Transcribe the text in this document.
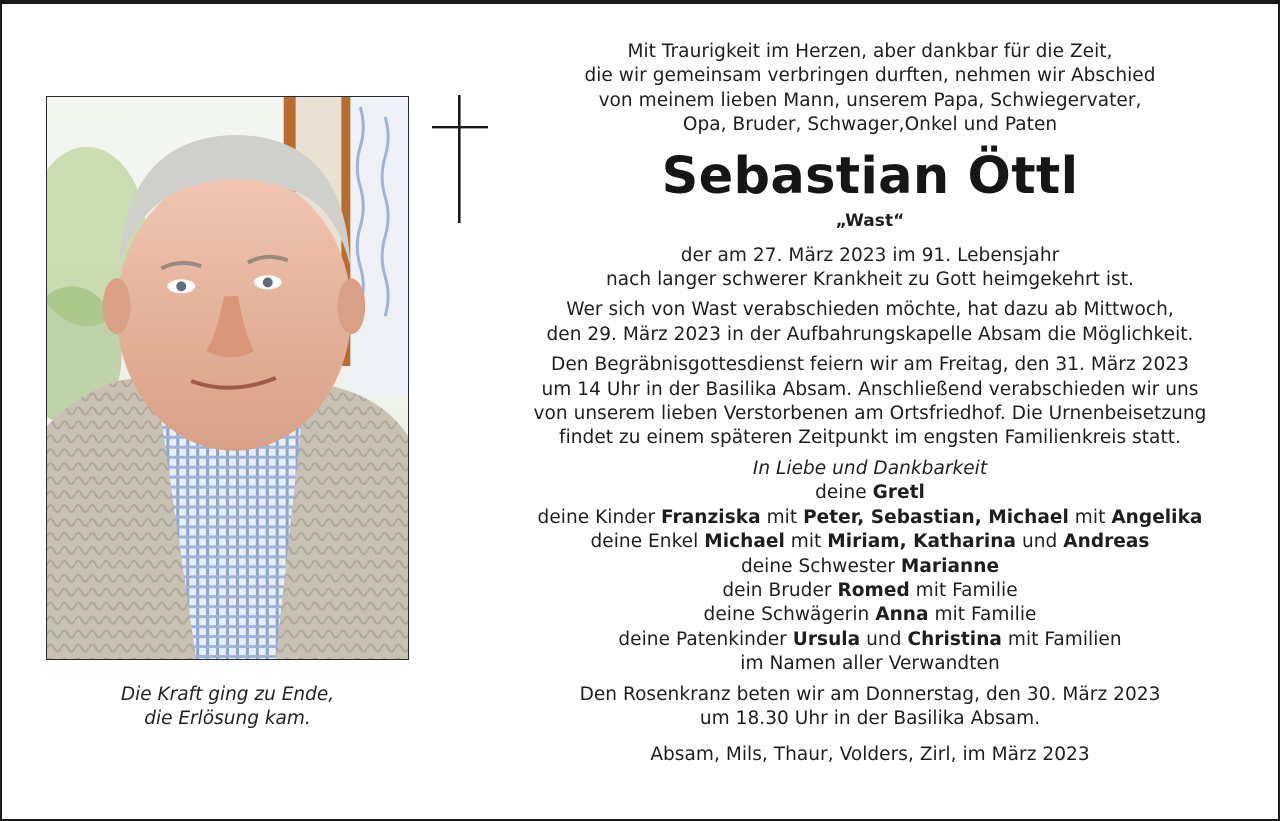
Die Kraft ging zu Ende,
die Erlösung kam.
Mit Traurigkeit im Herzen, aber dankbar für die Zeit,
die wir gemeinsam verbringen durften, nehmen wir Abschied
von meinem lieben Mann, unserem Papa, Schwiegervater,
Opa, Bruder, Schwager,Onkel und Paten
Sebastian Öttl
„Wast“
der am 27. März 2023 im 91. Lebensjahr
nach langer schwerer Krankheit zu Gott heimgekehrt ist.
Wer sich von Wast verabschieden möchte, hat dazu ab Mittwoch,
den 29. März 2023 in der Aufbahrungskapelle Absam die Möglichkeit.
Den Begräbnisgottesdienst feiern wir am Freitag, den 31. März 2023
um 14 Uhr in der Basilika Absam. Anschließend verabschieden wir uns
von unserem lieben Verstorbenen am Ortsfriedhof. Die Urnenbeisetzung
findet zu einem späteren Zeitpunkt im engsten Familienkreis statt.
In Liebe und Dankbarkeit
deine Gretl
deine Kinder Franziska mit Peter, Sebastian, Michael mit Angelika
deine Enkel Michael mit Miriam, Katharina und Andreas
deine Schwester Marianne
dein Bruder Romed mit Familie
deine Schwägerin Anna mit Familie
deine Patenkinder Ursula und Christina mit Familien
im Namen aller Verwandten
Den Rosenkranz beten wir am Donnerstag, den 30. März 2023
um 18.30 Uhr in der Basilika Absam.
Absam, Mils, Thaur, Volders, Zirl, im März 2023
